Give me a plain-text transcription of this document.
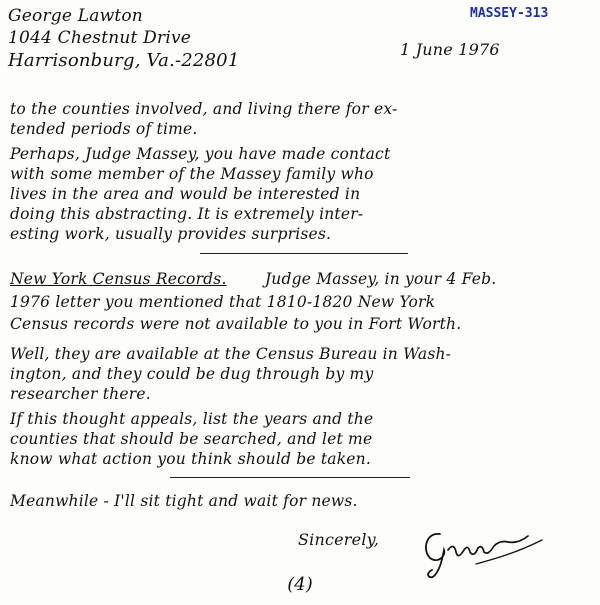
MASSEY-313
George Lawton
1044 Chestnut Drive
Harrisonburg, Va.-22801
1 June 1976
to the counties involved, and living there for ex-
tended periods of time.
Perhaps, Judge Massey, you have made contact
with some member of the Massey family who
lives in the area and would be interested in
doing this abstracting. It is extremely inter-
esting work, usually provides surprises.
New York Census Records. Judge Massey, in your 4 Feb.
1976 letter you mentioned that 1810-1820 New York
Census records were not available to you in Fort Worth.
Well, they are available at the Census Bureau in Wash-
ington, and they could be dug through by my
researcher there.
If this thought appeals, list the years and the
counties that should be searched, and let me
know what action you think should be taken.
Meanwhile - I'll sit tight and wait for news.
Sincerely,
(4)
